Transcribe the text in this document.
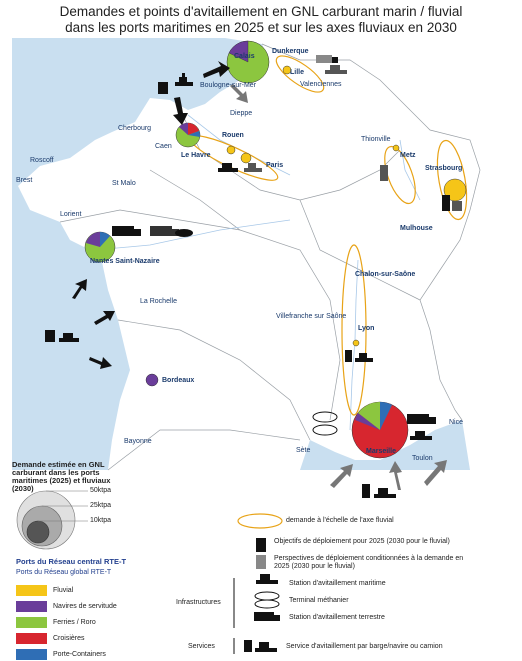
Demandes et points d'avitaillement en GNL carburant marin / fluvial
dans les ports maritimes en 2025 et sur les axes fluviaux en 2030
Dunkerque
Calais
Lille
Valenciennes
Boulogne-sur-Mer
Dieppe
Cherbourg
Rouen
Caen
Le Havre
Paris
Thionville
Metz
Strasbourg
Roscoff
Brest	St Malo
Mulhouse
Lorient
Nantes Saint-Nazaire
Chalon-sur-Saône
Villefranche sur Saône
La Rochelle
Lyon
Bordeaux
Bayonne
Nice
Sète
Toulon
Marseille
Demande estimée en GNL carburant dans les ports maritimes (2025) et fluviaux (2030)	50ktpa
25ktpa
10ktpa
Ports du Réseau central RTE-T
Ports du Réseau global RTE-T
Fluvial
Navires de servitude
Ferries / Roro
Croisières
Porte-Containers
demande à l'échelle de l'axe fluvial
Objectifs de déploiement pour 2025 (2030 pour le fluvial)
Perspectives de déploiement conditionnées à la demande en 2025 (2030 pour le fluvial)
Infrastructures
Services
Station d'avitaillement maritime
Terminal méthanier
Station d'avitaillement terrestre
Service d'avitaillement par barge/navire ou camion
